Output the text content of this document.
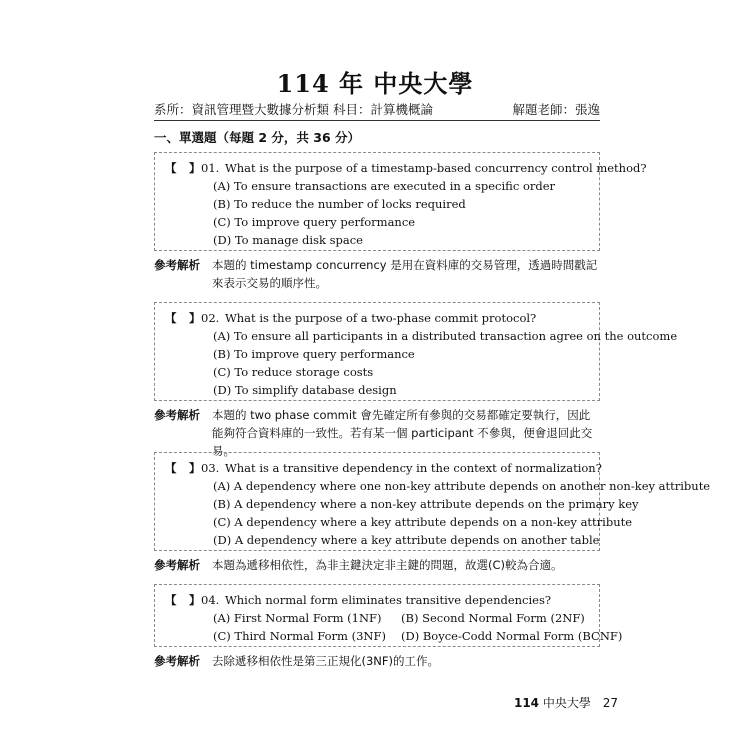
114 年 中央大學
系所：資訊管理暨大數據分析類 科目：計算機概論	解題老師：張逸
一、單選題（每題 2 分，共 36 分）
【 】01. What is the purpose of a timestamp-based concurrency control method?
(A) To ensure transactions are executed in a specific order
(B) To reduce the number of locks required
(C) To improve query performance
(D) To manage disk space
參考解析 本題的 timestamp concurrency 是用在資料庫的交易管理，透過時間戳記來表示交易的順序性。
【 】02. What is the purpose of a two-phase commit protocol?
(A) To ensure all participants in a distributed transaction agree on the outcome
(B) To improve query performance
(C) To reduce storage costs
(D) To simplify database design
參考解析 本題的 two phase commit 會先確定所有參與的交易都確定要執行，因此能夠符合資料庫的一致性。若有某一個 participant 不參與，便會退回此交易。
【 】03. What is a transitive dependency in the context of normalization?
(A) A dependency where one non-key attribute depends on another non-key attribute
(B) A dependency where a non-key attribute depends on the primary key
(C) A dependency where a key attribute depends on a non-key attribute
(D) A dependency where a key attribute depends on another table
參考解析 本題為遞移相依性，為非主鍵決定非主鍵的問題，故選(C)較為合適。
【 】04. Which normal form eliminates transitive dependencies?
(A) First Normal Form (1NF)	(B) Second Normal Form (2NF)
(C) Third Normal Form (3NF)	(D) Boyce-Codd Normal Form (BCNF)
參考解析 去除遞移相依性是第三正規化(3NF)的工作。
114 中央大學 27
